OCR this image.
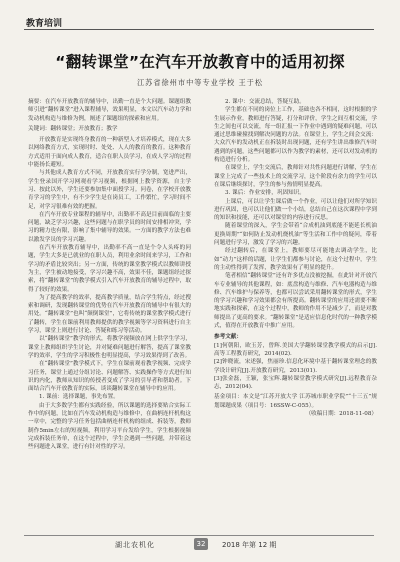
教育培训
“翻转课堂”在汽车开放教育中的适用初探
江苏省徐州市中等专业学校 王于松

摘要：在汽车开放教育的辅导中，出勤一直是个大问题。课题组教师引进“翻转课堂”进入课程辅导，效果明显，本文以汽车动力学和发动机构造与维修为例，阐述了课题组的探索和应用。

关键词：翻转课堂；开放教育；教学

开放教育是实现终身教育的一种新型人才培养模式，现在大多以网络教育方式，实现时时、处处、人人的教育的教育。这种教育方式适用于面向成人教育，适合在职人员学习，在成人学习的过程中能扬长避短。

与其他成人教育方式不同，开放教育实行学分制，宽进严出，学生登录国开学习网观看学习视频，根据网上教学资源，自主学习、按此以外，学生还要参加集中面授学习。问卷，在学校开放教育学习的学生中，有不少学生是在岗员工，工作繁忙，学习时间不足，对学习很难有效的把握。

在汽车开放专业课程的辅导中，出勤率不高是目前面临的主要问题，缺乏学习兴趣，这些问题与在职学员的时间安排相冲突，学习的精力也有限，影响了集中辅导的效果。一方面的教学方法也难以激发学员的学习兴趣。

在汽车开放教育辅导中，出勤率不高一直是个令人头疼的问题，学生大多是已就业的在职人员，利用业余时间来学习，工作和学习的矛盾比较突出；另一方面，传统的课堂教学模式以教师讲授为主，学生被动地接受，学习兴趣不高，效果不佳，课题组经过探索，将“翻转课堂”的教学模式引入汽车开放教育的辅导过程中，取得了较好的效果。

为了提高教学的效率，提高教学质量，结合学生特点，经过搜索和调研，发现翻转课堂的优势在汽车开放教育的辅导中有很大的用处。“翻转课堂”也叫“颠倒课堂”，它将传统的课堂教学模式进行了翻转，学生在课前利用教师提供的教学视频等学习资料进行自主学习，课堂上则进行讨论、答疑和练习等活动。

以“翻转课堂”教学的形式，将教学视频放在网上供学生学习，课堂上教师组织学生讨论，并对疑难问题进行解答，提高了课堂教学的效率，学生的学习积极性也明显提高，学习效果得到了改善。

在“翻转课堂”教学模式下，学生在课前观看教学视频、完成学习任务，课堂上通过分组讨论、问题解答、实践操作等方式进行知识的内化，教师从知识的传授者变成了学习的引导者和帮助者。下面结合汽车开放教育的实际，谈谈翻转课堂在辅导中的应用。

1. 课前：选择课题，事先布置。

由于大多数学生都有实践经验，所以课题的选择要贴合实际工作中的问题，比如在汽车发动机构造与维修中，在曲柄连杆机构这一章中，完整的学习任务包括曲柄连杆机构的组成、拆装等，教师制作5min左右的短视频，利用学习平台发给学生，学生根据视频完成拆装任务单，在这个过程中，学生会遇到一些问题，并带着这些问题进入课堂，进行有针对性的学习。

2. 课中：交流总结，答疑互助。

学生都在不同的岗位上工作，基础也各不相同，这时根据的学生展示作业，教师进行答疑，打分和评价，学生之间互相交流，学生之间也可以交流，每一组汇报一下作业中遇到的疑难问题，可以通过思维碰撞找到解决问题的方法。在课堂上，学生之间会交流：大众汽车的发动机正在拆装时出现问题，还有学生讲出维修汽车时遇到的问题，这些问题都可以作为教学的素材，还可以对发动机的构造进行分析。

在课堂上，学生交流后，教师针对共性问题进行讲解，学生在课堂上完成了一些技术上的交流学习，这个阶段有余力的学生可以在课后继续探讨，学生的参与热情明显提高。

3. 课后：作业安排，巩固知识。

上课后，可以让学生课后做一个作业，可以让他们对所学知识进行巩固，也可以让他们做一个小结，总结自己在这次课程中学到的知识和技能，还可以对课堂的内容进行反思。

随着课堂的深入，学生会带着“合成机油到底能不能延长机油更换周期”“如何防止发动机烧机油”等生活和工作中的疑问，带着问题进行学习，激发了学习的兴趣。

经过翻转后，在课堂上，教师要尽可能地去调动学生，比如“动力”这样的话题，让学生们都参与讨论，在这个过程中，学生的主动性得到了发挥，教学效果有了明显的提升。

笔者相信“翻转课堂”还有许多优点没被挖掘，在此针对开放汽车专业辅导的其他课程，如：底盘构造与维修、汽车电器构造与维修、汽车维护与保养等，也都可以尝试采用翻转课堂的形式，学生的学习兴趣和学习效果都会有所提高。翻转课堂的应用还需要不断地实践和探索，在这个过程中，教师的作用不是减少了，而是对教师提出了更高的要求。“翻转课堂”是适应信息化时代的一种教学模式，值得在开放教育中推广应用。

参考文献：

[1]何朝阳，欧玉芳，曾辉.美国大学翻转课堂教学模式的启示[J].高等工程教育研究，2014(02).

[2]钟晓流，宋述强，焦丽珍.信息化环境中基于翻转课堂理念的教学设计研究[J].开放教育研究，2013(01).

[3]张金磊，王颖，张宝辉.翻转课堂教学模式研究[J].远程教育杂志，2012(04).

基金项目：本文是“江苏开放大学 江苏城市职业学院”“十三五”规划课题成果（项目号：16SSW-C-055）。

（收稿日期：2018-11-08）

湖北农机化	32	2018 年第 12 期
